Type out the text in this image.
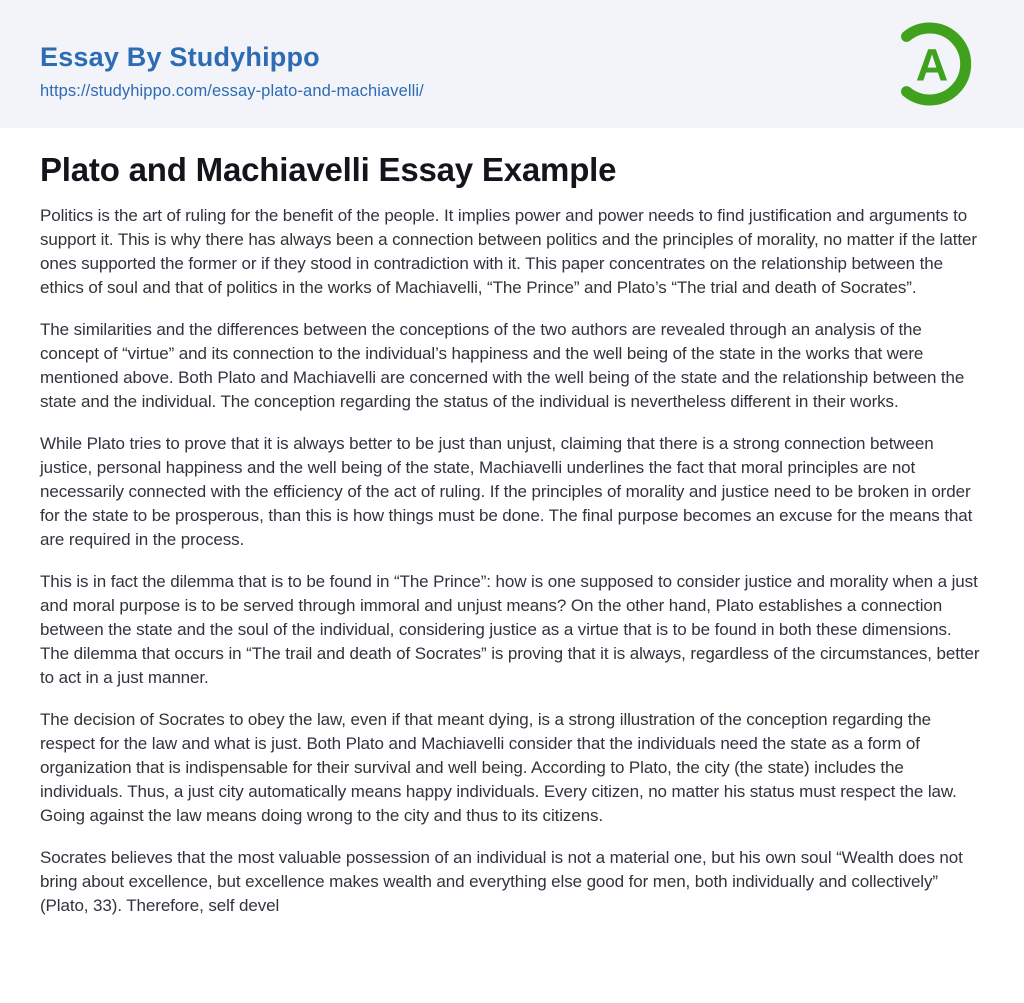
Essay By Studyhippo
https://studyhippo.com/essay-plato-and-machiavelli/	A
Plato and Machiavelli Essay Example

Politics is the art of ruling for the benefit of the people. It implies power and power needs to find justification and arguments to support it. This is why there has always been a connection between politics and the principles of morality, no matter if the latter ones supported the former or if they stood in contradiction with it. This paper concentrates on the relationship between the ethics of soul and that of politics in the works of Machiavelli, “The Prince” and Plato’s “The trial and death of Socrates”.

The similarities and the differences between the conceptions of the two authors are revealed through an analysis of the concept of “virtue” and its connection to the individual’s happiness and the well being of the state in the works that were mentioned above. Both Plato and Machiavelli are concerned with the well being of the state and the relationship between the state and the individual. The conception regarding the status of the individual is nevertheless different in their works.

While Plato tries to prove that it is always better to be just than unjust, claiming that there is a strong connection between justice, personal happiness and the well being of the state, Machiavelli underlines the fact that moral principles are not necessarily connected with the efficiency of the act of ruling. If the principles of morality and justice need to be broken in order for the state to be prosperous, than this is how things must be done. The final purpose becomes an excuse for the means that are required in the process.

This is in fact the dilemma that is to be found in “The Prince”: how is one supposed to consider justice and morality when a just and moral purpose is to be served through immoral and unjust means? On the other hand, Plato establishes a connection between the state and the soul of the individual, considering justice as a virtue that is to be found in both these dimensions. The dilemma that occurs in “The trail and death of Socrates” is proving that it is always, regardless of the circumstances, better to act in a just manner.

The decision of Socrates to obey the law, even if that meant dying, is a strong illustration of the conception regarding the respect for the law and what is just. Both Plato and Machiavelli consider that the individuals need the state as a form of organization that is indispensable for their survival and well being. According to Plato, the city (the state) includes the individuals. Thus, a just city automatically means happy individuals. Every citizen, no matter his status must respect the law. Going against the law means doing wrong to the city and thus to its citizens.

Socrates believes that the most valuable possession of an individual is not a material one, but his own soul “Wealth does not bring about excellence, but excellence makes wealth and everything else good for men, both individually and collectively” (Plato, 33). Therefore, self devel
